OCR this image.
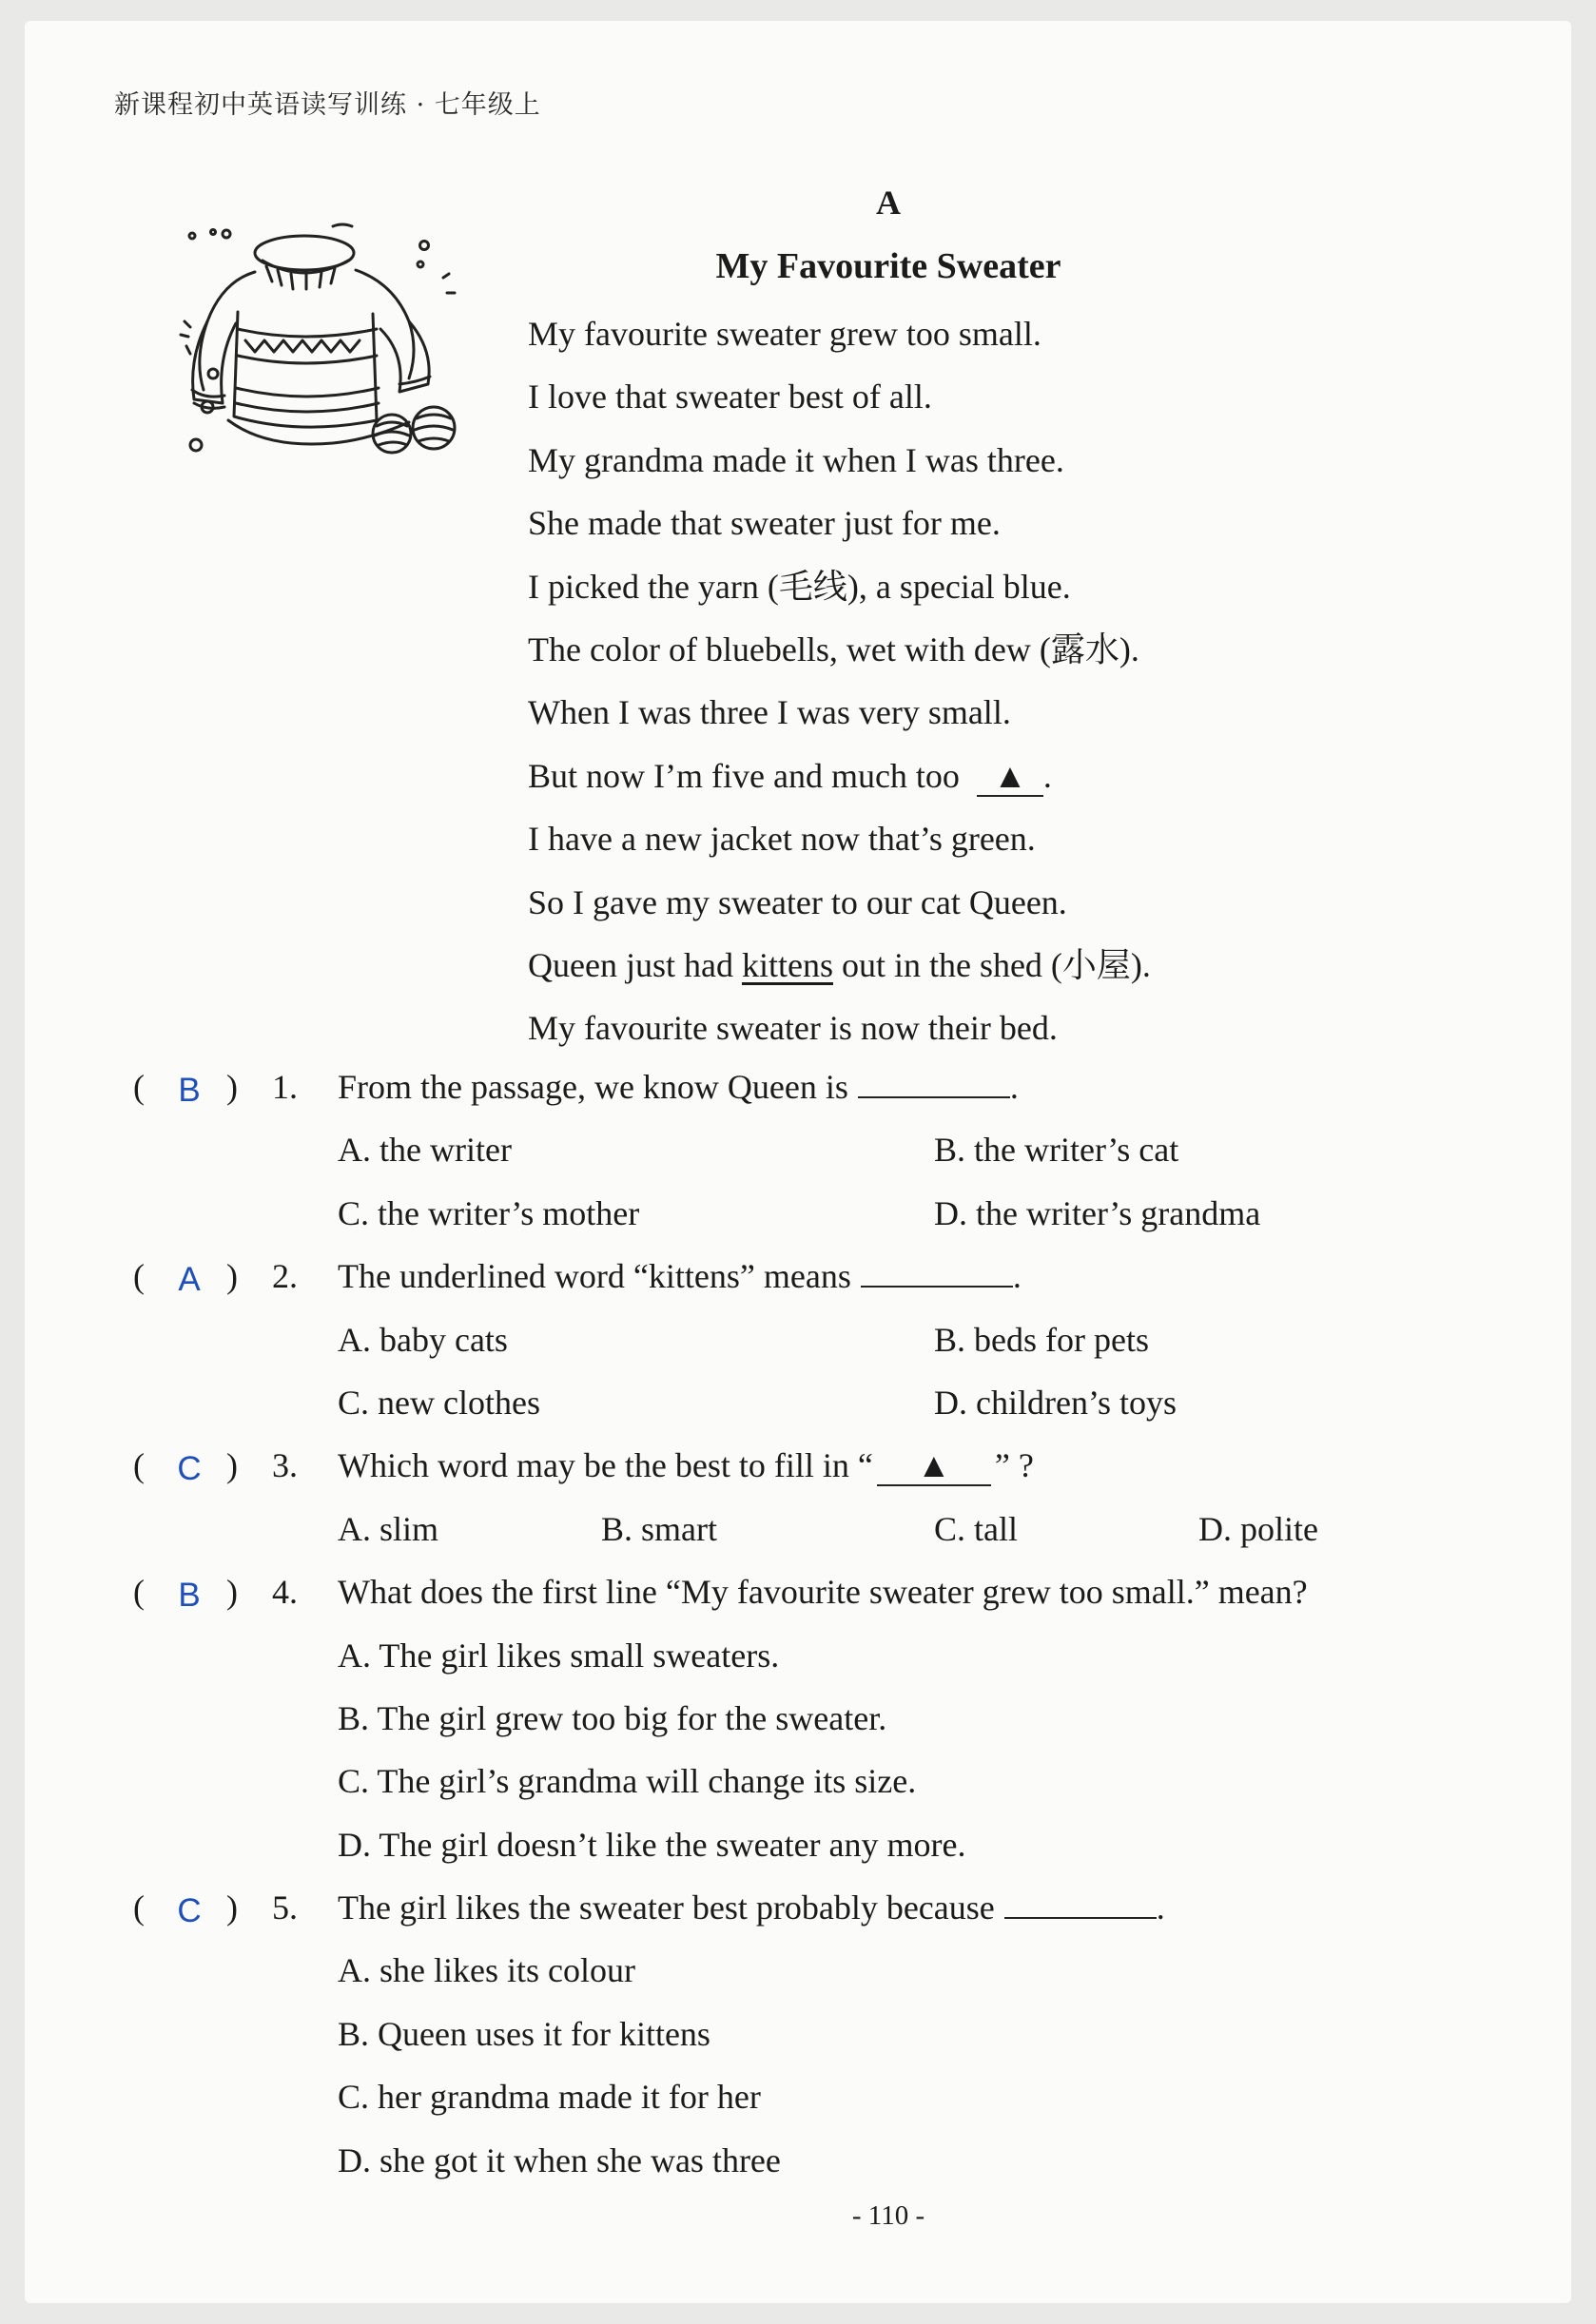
新课程初中英语读写训练 · 七年级上
A
My Favourite Sweater
My favourite sweater grew too small.
I love that sweater best of all.
My grandma made it when I was three.
She made that sweater just for me.
I picked the yarn (毛线), a special blue.
The color of bluebells, wet with dew (露水).
When I was three I was very small.
But now I’m five and much too ▲ .
I have a new jacket now that’s green.
So I gave my sweater to our cat Queen.
Queen just had kittens out in the shed (小屋).
My favourite sweater is now their bed.
( B ) 1. From the passage, we know Queen is	.
A. the writer	B. the writer’s cat
C. the writer’s mother	D. the writer’s grandma
( A ) 2. The underlined word “kittens” means	.
A. baby cats	B. beds for pets
C. new clothes	D. children’s toys
( C ) 3. Which word may be the best to fill in “ ▲ ” ?
A. slim	B. smart	C. tall	D. polite
( B ) 4. What does the first line “My favourite sweater grew too small.” mean?
A. The girl likes small sweaters.
B. The girl grew too big for the sweater.
C. The girl’s grandma will change its size.
D. The girl doesn’t like the sweater any more.
( C ) 5. The girl likes the sweater best probably because	.
A. she likes its colour
B. Queen uses it for kittens
C. her grandma made it for her
D. she got it when she was three
- 110 -
